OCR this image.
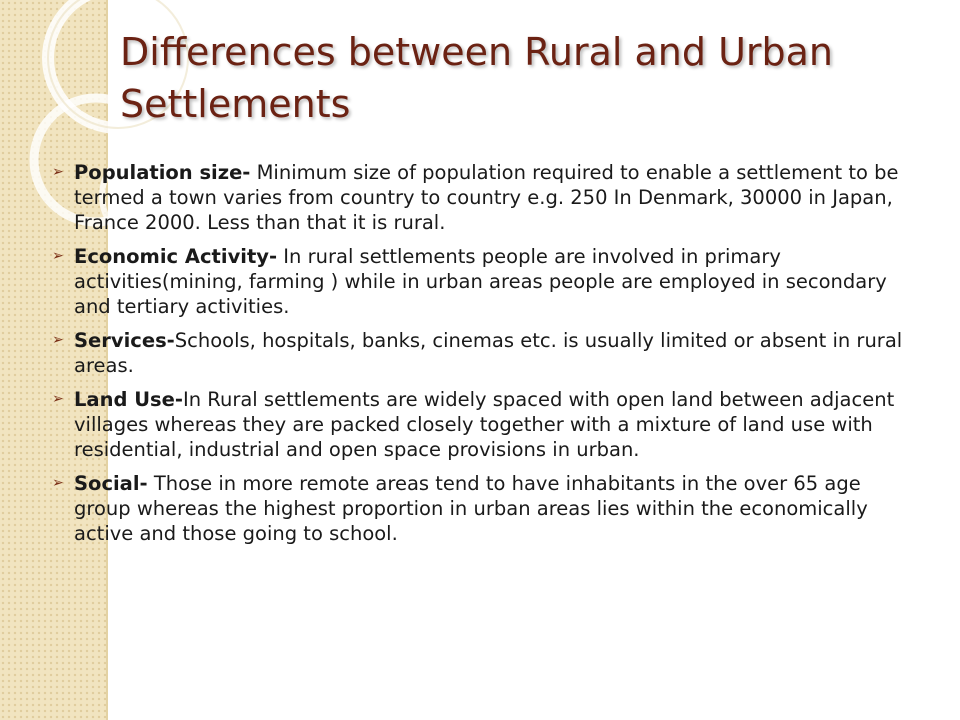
Differences between Rural and Urban Settlements
➢ Population size- Minimum size of population required to enable a settlement to be termed a town varies from country to country e.g. 250 In Denmark, 30000 in Japan, France 2000. Less than that it is rural.
➢ Economic Activity- In rural settlements people are involved in primary activities(mining, farming ) while in urban areas people are employed in secondary and tertiary activities.
➢ Services-Schools, hospitals, banks, cinemas etc. is usually limited or absent in rural areas.
➢ Land Use-In Rural settlements are widely spaced with open land between adjacent villages whereas they are packed closely together with a mixture of land use with residential, industrial and open space provisions in urban.
➢ Social- Those in more remote areas tend to have inhabitants in the over 65 age group whereas the highest proportion in urban areas lies within the economically active and those going to school.
